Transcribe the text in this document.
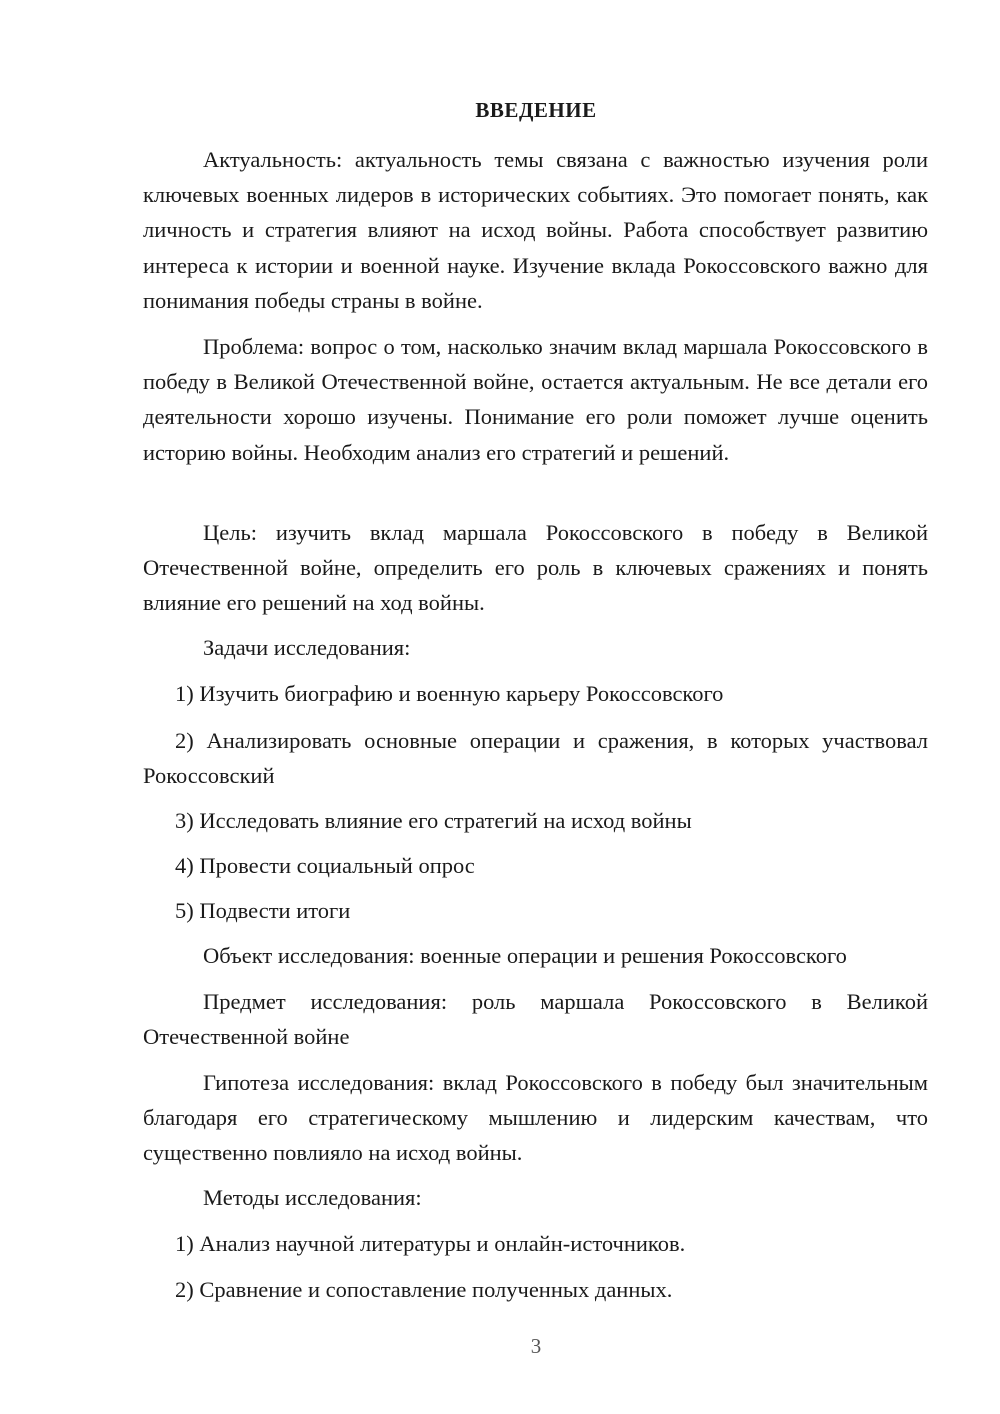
ВВЕДЕНИЕ

Актуальность: актуальность темы связана с важностью изучения роли ключевых военных лидеров в исторических событиях. Это помогает понять, как личность и стратегия влияют на исход войны. Работа способствует развитию интереса к истории и военной науке. Изучение вклада Рокоссовского важно для понимания победы страны в войне.

Проблема: вопрос о том, насколько значим вклад маршала Рокоссовского в победу в Великой Отечественной войне, остается актуальным. Не все детали его деятельности хорошо изучены. Понимание его роли поможет лучше оценить историю войны. Необходим анализ его стратегий и решений.

Цель: изучить вклад маршала Рокоссовского в победу в Великой Отечественной войне, определить его роль в ключевых сражениях и понять влияние его решений на ход войны.

Задачи исследования:

1) Изучить биографию и военную карьеру Рокоссовского

2) Анализировать основные операции и сражения, в которых участвовал Рокоссовский

3) Исследовать влияние его стратегий на исход войны

4) Провести социальный опрос

5) Подвести итоги

Объект исследования: военные операции и решения Рокоссовского

Предмет исследования: роль маршала Рокоссовского в Великой Отечественной войне

Гипотеза исследования: вклад Рокоссовского в победу был значительным благодаря его стратегическому мышлению и лидерским качествам, что существенно повлияло на исход войны.

Методы исследования:

1) Анализ научной литературы и онлайн-источников.

2) Сравнение и сопоставление полученных данных.

3
